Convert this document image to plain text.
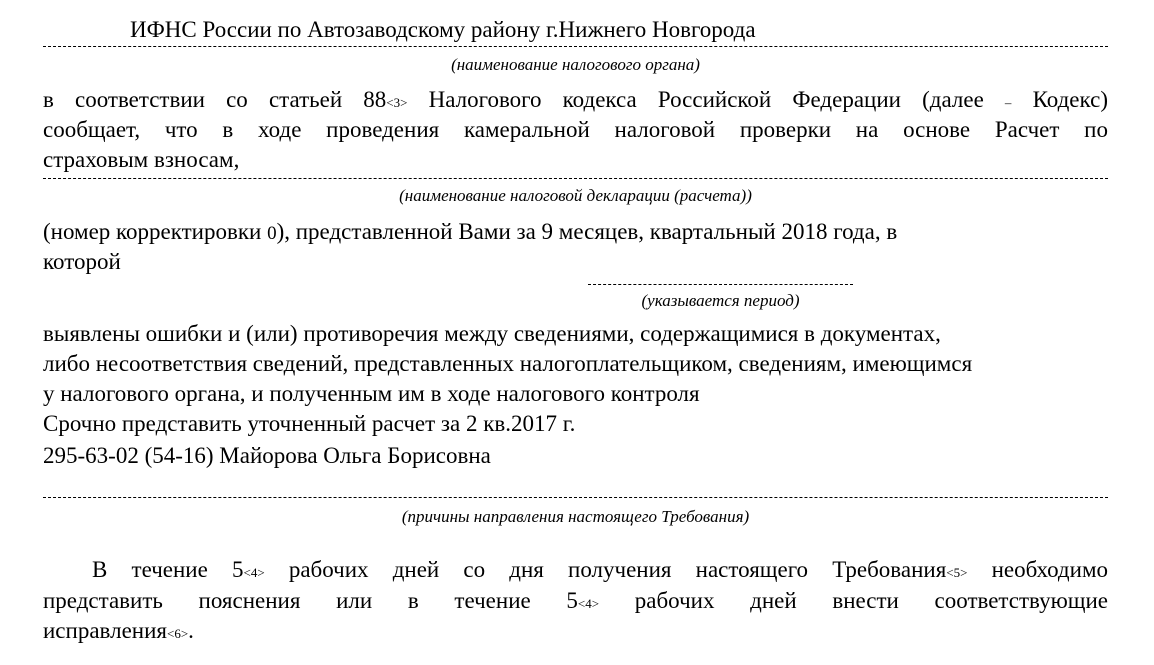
ИФНС России по Автозаводскому району г.Нижнего Новгорода
(наименование налогового органа)
в соответствии со статьей 88<3> Налогового кодекса Российской Федерации (далее – Кодекс)
сообщает, что в ходе проведения камеральной налоговой проверки на основе Расчет по
страховым взносам,
(наименование налоговой декларации (расчета))
(номер корректировки 0), представленной Вами за 9 месяцев, квартальный 2018 года, в
которой
(указывается период)
выявлены ошибки и (или) противоречия между сведениями, содержащимися в документах,
либо несоответствия сведений, представленных налогоплательщиком, сведениям, имеющимся
у налогового органа, и полученным им в ходе налогового контроля
Срочно представить уточненный расчет за 2 кв.2017 г.
295-63-02 (54-16) Майорова Ольга Борисовна
(причины направления настоящего Требования)
В течение 5<4> рабочих дней со дня получения настоящего Требования<5> необходимо
представить пояснения или в течение 5<4> рабочих дней внести соответствующие
исправления<6>.
